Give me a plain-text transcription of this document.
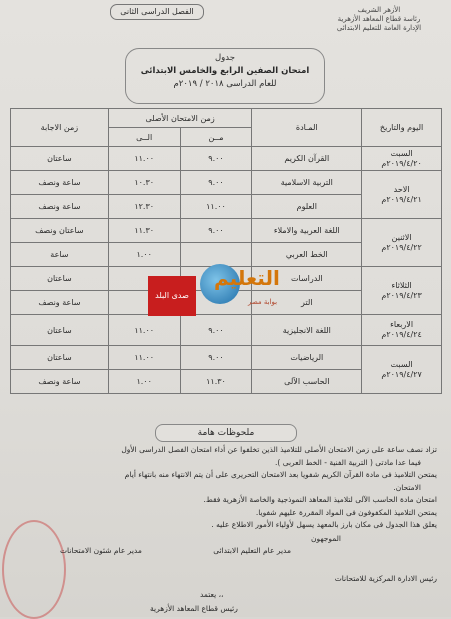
الفصل الدراسى الثانى	الأزهر الشريف
رئاسة قطاع المعاهد الأزهرية
الإدارة العامة للتعليم الابتدائى
جدول
امتحان الصفين الرابع والخامس الابتدائى
للعام الدراسى ٢٠١٨ / ٢٠١٩م
اليوم والتاريخ	المـادة	زمن الامتحان الأصلى		زمن الاجابة
		مــن	الــى	

السبت
٢٠١٩/٤/٢٠م	القرآن الكريم	٩.٠٠	١١.٠٠	ساعتان

الاحد
٢٠١٩/٤/٢١م	التربية الاسلامية	٩.٠٠	١٠.٣٠	ساعة ونصف
	العلوم	١١.٠٠	١٢.٣٠	ساعة ونصف

الاثنين
٢٠١٩/٤/٢٢م	اللغة العربية والاملاء	٩.٠٠	١١.٣٠	ساعتان ونصف
	الخط العربي		١.٠٠	ساعة

الثلاثاء
٢٠١٩/٤/٢٣م	الدراسات			ساعتان
	التر			ساعة ونصف

الاربعاء
٢٠١٩/٤/٢٤م	اللغة الانجليزية	٩.٠٠	١١.٠٠	ساعتان

السبت
٢٠١٩/٤/٢٧م	الرياضيات	٩.٠٠	١١.٠٠	ساعتان
	الحاسب الآلى	١١.٣٠	١.٠٠	ساعة ونصف
صدى البلد
التعليم
بوابة مصر
ملحوظات هامة
تزاد نصف ساعة على زمن الامتحان الأصلى للتلاميذ الذين تخلفوا عن أداء امتحان الفصل الدراسى الأول
فيما عدا مادتى ( التربية الفنية - الخط العربى ).
يمتحن التلاميذ فى مادة القرآن الكريم شفويا بعد الامتحان التحريرى على أن يتم الانتهاء منه بانتهاء أيام
الامتحان.
امتحان مادة الحاسب الآلى لتلاميذ المعاهد النموذجية والخاصة الأزهرية فقط.
يمتحن التلاميذ المكفوفون فى المواد المقررة عليهم شفويا.
يعلق هذا الجدول فى مكان بارز بالمعهد يسهل لأولياء الأمور الاطلاع عليه .
الموجهون
مدير عام التعليم الابتدائى
مدير عام شئون الامتحانات
رئيس الادارة المركزية للامتحانات
يعتمد ،،
رئيس قطاع المعاهد الأزهرية
